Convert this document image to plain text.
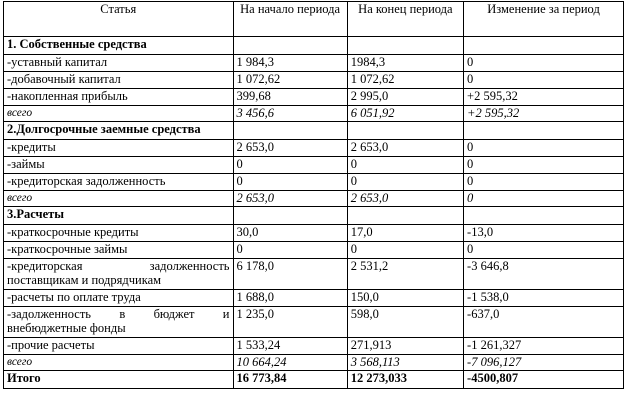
Статья	На начало периода	На конец периода	Изменение за период
1. Собственные средства			
-уставный капитал	1 984,3	1984,3	0
-добавочный капитал	1 072,62	1 072,62	0
-накопленная прибыль	399,68	2 995,0	+2 595,32
всего	3 456,6	6 051,92	+2 595,32
2.Долгосрочные заемные средства			
-кредиты	2 653,0	2 653,0	0
-займы	0	0	0
-кредиторская задолженность	0	0	0
всего	2 653,0	2 653,0	0
3.Расчеты			
-краткосрочные кредиты	30,0	17,0	-13,0
-краткосрочные займы	0	0	0
-кредиторская задолженность поставщикам и подрядчикам	6 178,0	2 531,2	-3 646,8
-расчеты по оплате труда	1 688,0	150,0	-1 538,0
-задолженность в бюджет и внебюджетные фонды	1 235,0	598,0	-637,0
-прочие расчеты	1 533,24	271,913	-1 261,327
всего	10 664,24	3 568,113	-7 096,127
Итого	16 773,84	12 273,033	-4500,807
